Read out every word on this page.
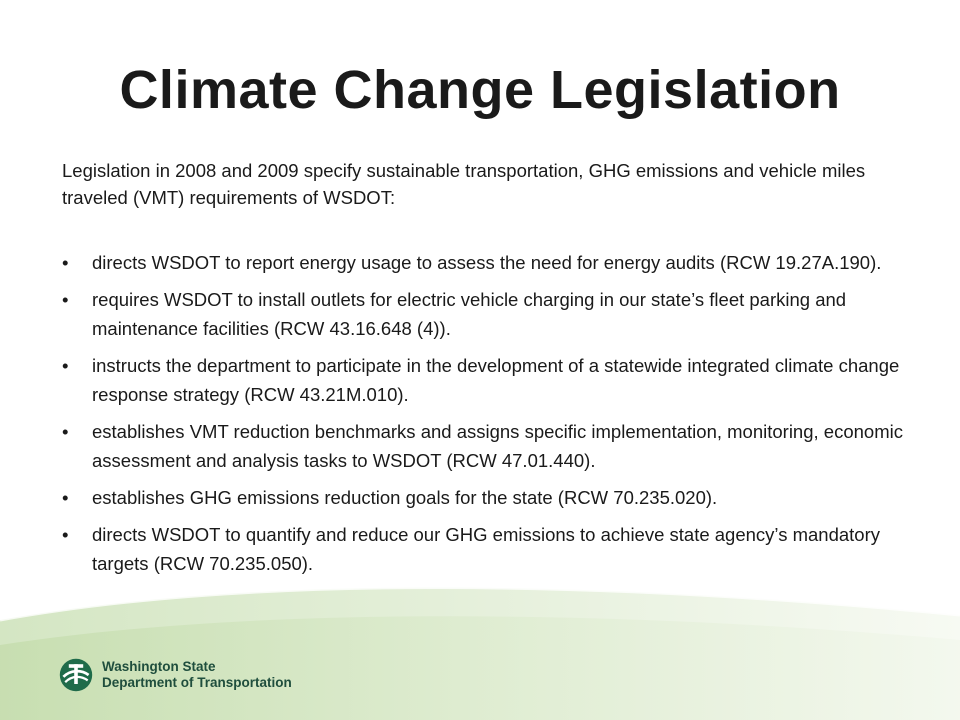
Climate Change Legislation

Legislation in 2008 and 2009 specify sustainable transportation, GHG emissions and vehicle miles traveled (VMT) requirements of WSDOT:

• directs WSDOT to report energy usage to assess the need for energy audits (RCW 19.27A.190).
• requires WSDOT to install outlets for electric vehicle charging in our state’s fleet parking and maintenance facilities (RCW 43.16.648 (4)).
• instructs the department to participate in the development of a statewide integrated climate change response strategy (RCW 43.21M.010).
• establishes VMT reduction benchmarks and assigns specific implementation, monitoring, economic assessment and analysis tasks to WSDOT (RCW 47.01.440).
• establishes GHG emissions reduction goals for the state (RCW 70.235.020).
• directs WSDOT to quantify and reduce our GHG emissions to achieve state agency’s mandatory targets (RCW 70.235.050).
Washington State
Department of Transportation
